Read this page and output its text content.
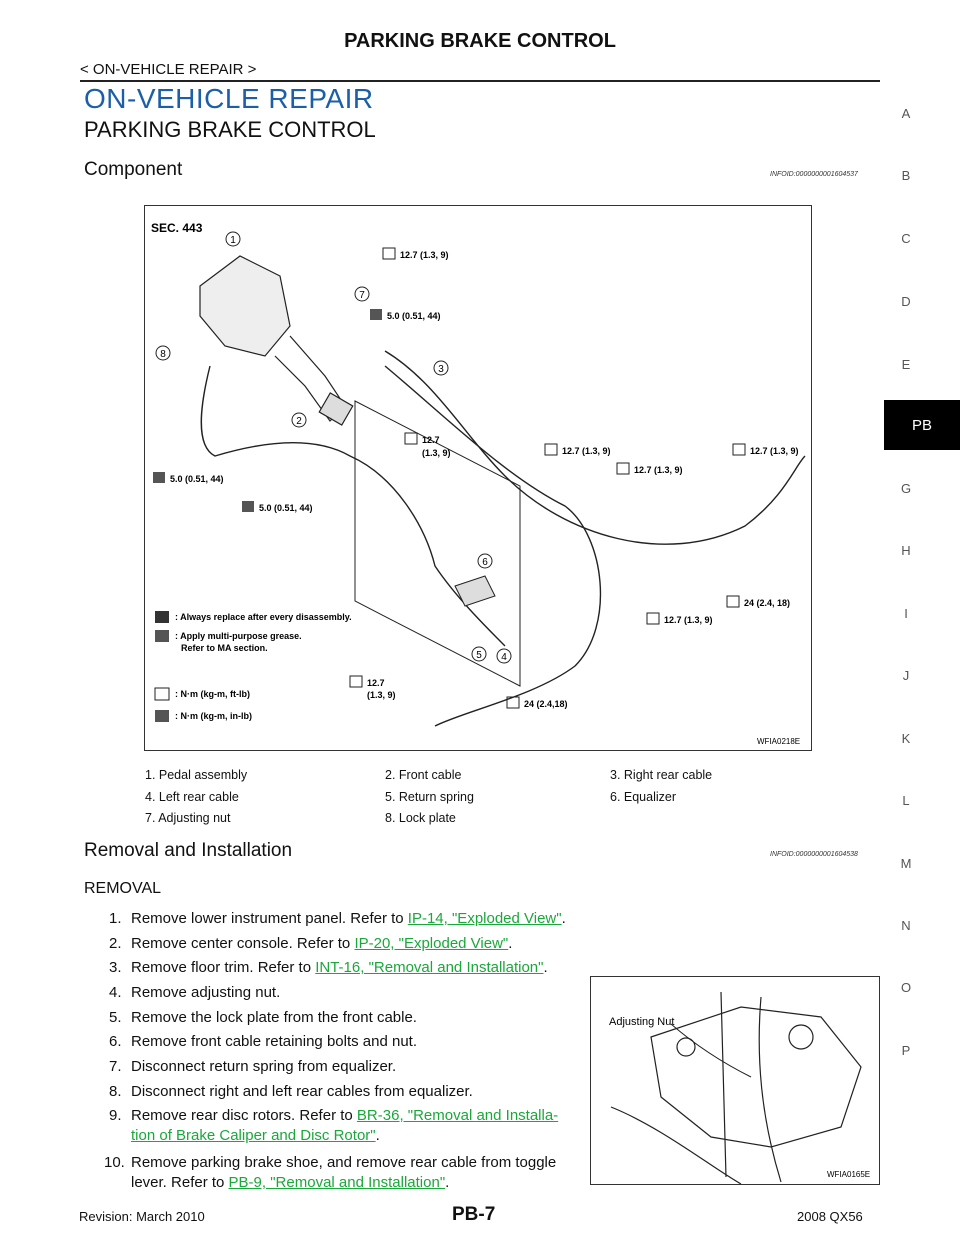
PARKING BRAKE CONTROL
< ON-VEHICLE REPAIR >
ON-VEHICLE REPAIR
PARKING BRAKE CONTROL
Component	INFOID:0000000001604537
A
B
C
D
E
PB
G
H
I
J
K
L
M
N
O
P
SEC. 443
1
2
3
4
5
6
7
8
12.7 (1.3, 9)
5.0 (0.51, 44)
12.7
(1.3, 9)	12.7 (1.3, 9)
12.7 (1.3, 9)
12.7 (1.3, 9)
5.0 (0.51, 44)
5.0 (0.51, 44)
24 (2.4, 18)
12.7 (1.3, 9)
12.7
(1.3, 9)
24 (2.4,18)
: Always replace after every disassembly.
: Apply multi-purpose grease.
Refer to MA section.
: N·m (kg-m, ft-lb)
: N·m (kg-m, in-lb)
WFIA0218E
1. Pedal assembly	2. Front cable	3. Right rear cable
4. Left rear cable	5. Return spring	6. Equalizer
7. Adjusting nut	8. Lock plate
Removal and Installation	INFOID:0000000001604538
REMOVAL
1. Remove lower instrument panel. Refer to IP-14, "Exploded View".
2. Remove center console. Refer to IP-20, "Exploded View".
3. Remove floor trim. Refer to INT-16, "Removal and Installation".
4. Remove adjusting nut.
5. Remove the lock plate from the front cable.
6. Remove front cable retaining bolts and nut.
7. Disconnect return spring from equalizer.
8. Disconnect right and left rear cables from equalizer.
9. Remove rear disc rotors. Refer to BR-36, "Removal and Installa-
tion of Brake Caliper and Disc Rotor".
10. Remove parking brake shoe, and remove rear cable from toggle
lever. Refer to PB-9, "Removal and Installation".
Adjusting Nut
WFIA0165E
Revision: March 2010	PB-7	2008 QX56
